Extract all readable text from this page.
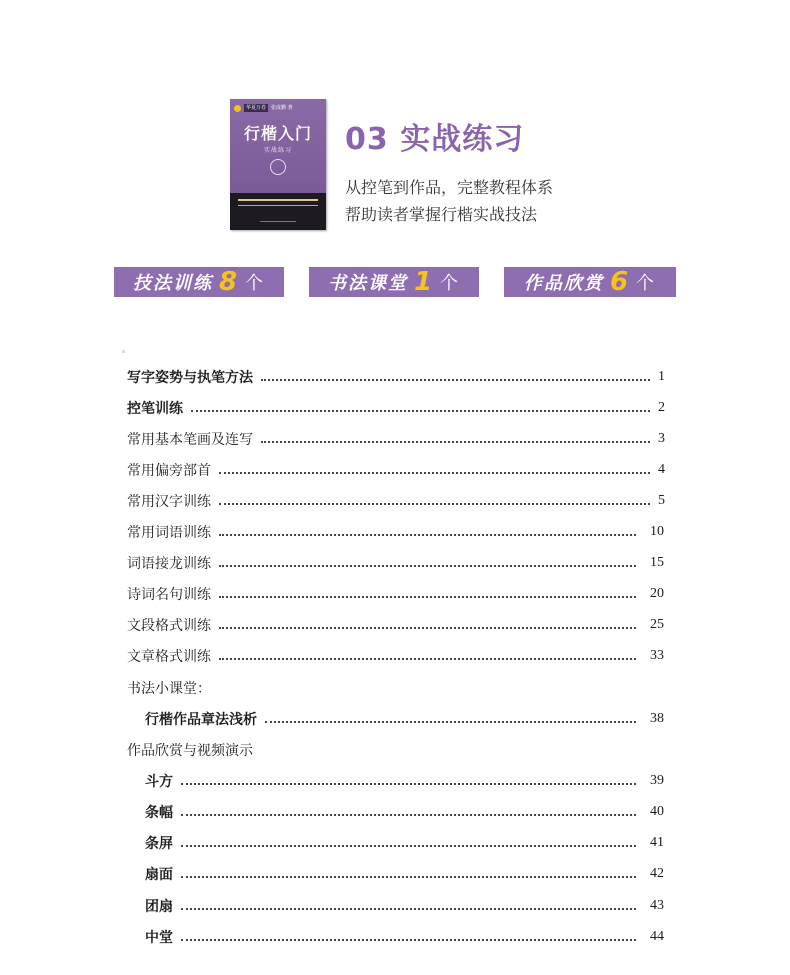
华夏万卷	张成鹏 著
行楷入门
实战练习	03 实战练习
从控笔到作品，完整教程体系
帮助读者掌握行楷实战技法
技法训练 8 个	书法课堂 1 个	作品欣赏 6 个
写字姿势与执笔方法	1
控笔训练	2
常用基本笔画及连写	3
常用偏旁部首	4
常用汉字训练	5
常用词语训练	10
词语接龙训练	15
诗词名句训练	20
文段格式训练	25
文章格式训练	33
书法小课堂：
行楷作品章法浅析	38
作品欣赏与视频演示
斗方	39
条幅	40
条屏	41
扇面	42
团扇	43
中堂	44
